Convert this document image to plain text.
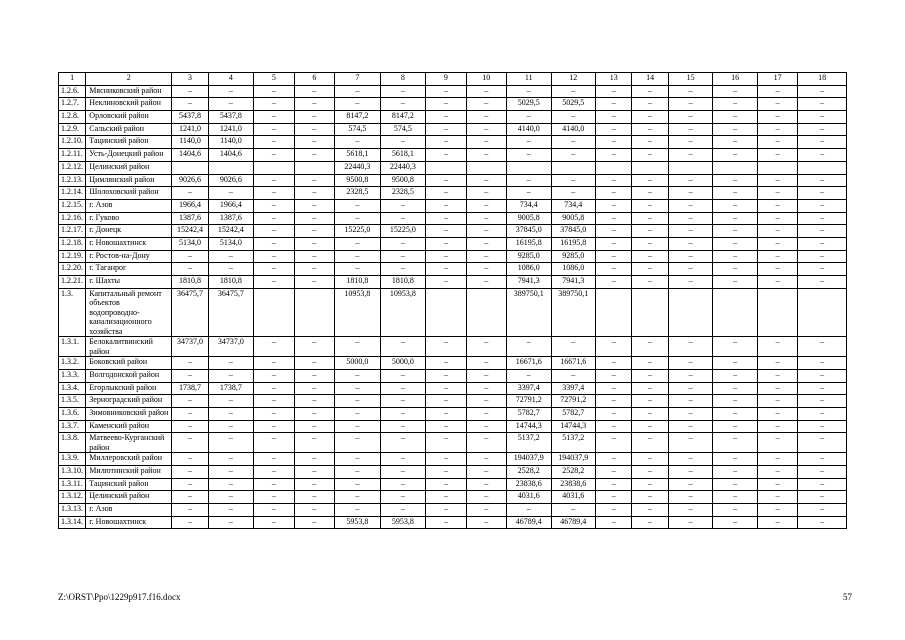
1	2	3	4	5	6	7	8	9	10	11	12	13	14	15	16	17	18
1.2.6.	Мясниковский район	–	–	–	–	–	–	–	–	–	–	–	–	–	–	–	–
1.2.7.	Неклиновский район	–	–	–	–	–	–	–	–	5029,5	5029,5	–	–	–	–	–	–
1.2.8.	Орловский район	5437,8	5437,8	–	–	8147,2	8147,2	–	–	–	–	–	–	–	–	–	–
1.2.9.	Сальский район	1241,0	1241,0	–	–	574,5	574,5	–	–	4140,0	4140,0	–	–	–	–	–	–
1.2.10.	Тацинский район	1140,0	1140,0	–	–	–	–	–	–	–	–	–	–	–	–	–	–
1.2.11.	Усть-Донецкий район	1404,6	1404,6	–	–	5618,1	5618,1	–	–	–	–	–	–	–	–	–	–
1.2.12.	Целинский район					22440,3	22440,3										
1.2.13.	Цимлянский район	9026,6	9026,6	–	–	9500,8	9500,8	–	–	–	–	–	–	–	–	–	–
1.2.14.	Шолоховский район	–	–	–	–	2328,5	2328,5	–	–	–	–	–	–	–	–	–	–
1.2.15.	г. Азов	1966,4	1966,4	–	–	–	–	–	–	734,4	734,4	–	–	–	–	–	–
1.2.16.	г. Гуково	1387,6	1387,6	–	–	–	–	–	–	9005,8	9005,8	–	–	–	–	–	–
1.2.17.	г. Донецк	15242,4	15242,4	–	–	15225,0	15225,0	–	–	37845,0	37845,0	–	–	–	–	–	–
1.2.18.	г. Новошахтинск	5134,0	5134,0	–	–	–	–	–	–	16195,8	16195,8	–	–	–	–	–	–
1.2.19.	г. Ростов-на-Дону	–	–	–	–	–	–	–	–	9285,0	9285,0	–	–	–	–	–	–
1.2.20.	г. Таганрог	–	–	–	–	–	–	–	–	1086,0	1086,0	–	–	–	–	–	–
1.2.21.	г. Шахты	1810,8	1810,8	–	–	1810,8	1810,8	–	–	7941,3	7941,3	–	–	–	–	–	–
1.3.	Капитальный ремонт объектов водопроводно-канализационного хозяйства	36475,7	36475,7			10953,8	10953,8			389750,1	389750,1						
1.3.1.	Белокалитвинский район	34737,0	34737,0	–	–	–	–	–	–	–	–	–	–	–	–	–	–
1.3.2.	Боковский район	–	–	–	–	5000,0	5000,0	–	–	16671,6	16671,6	–	–	–	–	–	–
1.3.3.	Волгодонской район	–	–	–	–	–	–	–	–	–	–	–	–	–	–	–	–
1.3.4.	Егорлыкский район	1738,7	1738,7	–	–	–	–	–	–	3397,4	3397,4	–	–	–	–	–	–
1.3.5.	Зерноградский район	–	–	–	–	–	–	–	–	72791,2	72791,2	–	–	–	–	–	–
1.3.6.	Зимовниковский район	–	–	–	–	–	–	–	–	5782,7	5782,7	–	–	–	–	–	–
1.3.7.	Каменский район	–	–	–	–	–	–	–	–	14744,3	14744,3	–	–	–	–	–	–
1.3.8.	Матвеево-Курганский район	–	–	–	–	–	–	–	–	5137,2	5137,2	–	–	–	–	–	–
1.3.9.	Миллеровский район	–	–	–	–	–	–	–	–	194037,9	194037,9	–	–	–	–	–	–
1.3.10.	Милютинский район	–	–	–	–	–	–	–	–	2528,2	2528,2	–	–	–	–	–	–
1.3.11.	Тацинский район	–	–	–	–	–	–	–	–	23838,6	23838,6	–	–	–	–	–	–
1.3.12.	Целинский район	–	–	–	–	–	–	–	–	4031,6	4031,6	–	–	–	–	–	–
1.3.13.	г. Азов	–	–	–	–	–	–	–	–	–	–	–	–	–	–	–	–
1.3.14.	г. Новошахтинск	–	–	–	–	5953,8	5953,8	–	–	46789,4	46789,4	–	–	–	–	–	–
Z:\ORST\Ppo\1229p917.f16.docx	57
